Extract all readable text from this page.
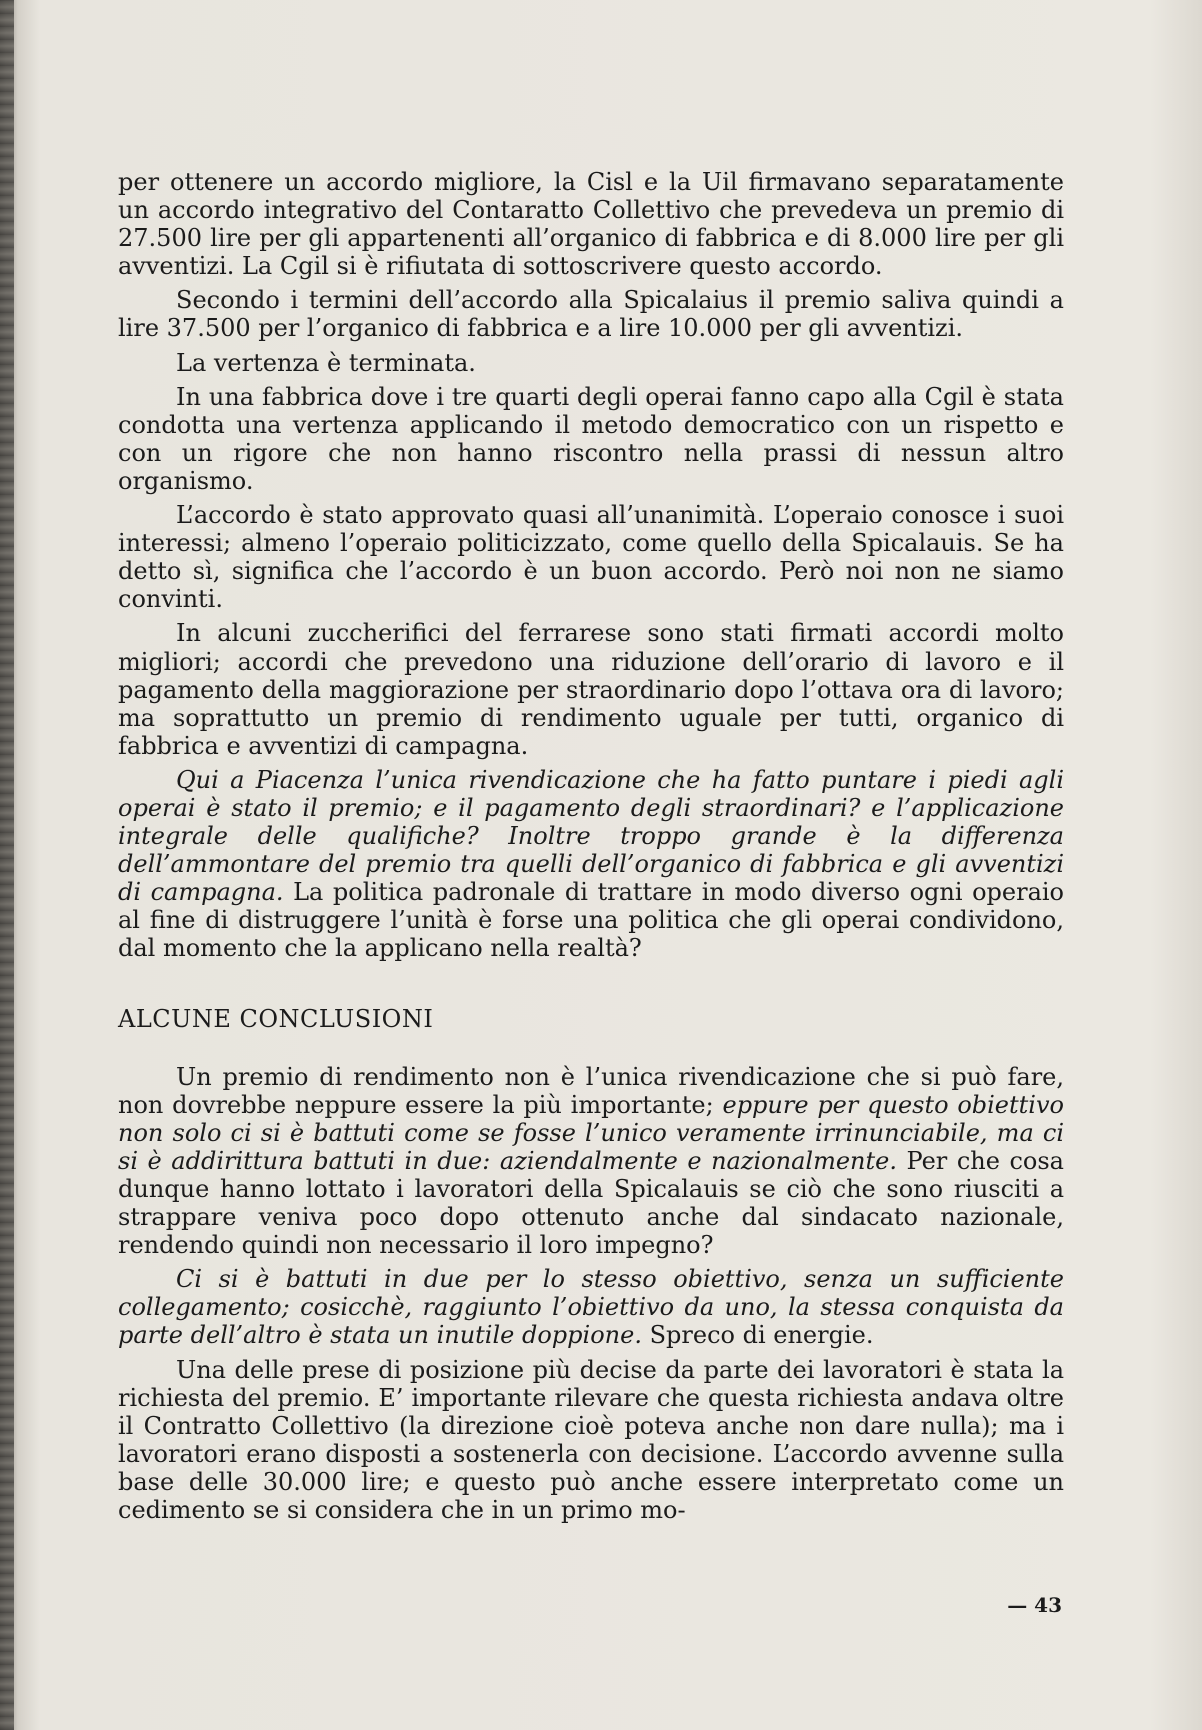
per ottenere un accordo migliore, la Cisl e la Uil firmavano separatamente un accordo integrativo del Contaratto Collettivo che prevedeva un premio di 27.500 lire per gli appartenenti all’organico di fabbrica e di 8.000 lire per gli avventizi. La Cgil si è rifiutata di sottoscrivere questo accordo.

Secondo i termini dell’accordo alla Spicalaius il premio saliva quindi a lire 37.500 per l’organico di fabbrica e a lire 10.000 per gli avventizi.

La vertenza è terminata.

In una fabbrica dove i tre quarti degli operai fanno capo alla Cgil è stata condotta una vertenza applicando il metodo democratico con un rispetto e con un rigore che non hanno riscontro nella prassi di nessun altro organismo.

L’accordo è stato approvato quasi all’unanimità. L’operaio conosce i suoi interessi; almeno l’operaio politicizzato, come quello della Spicalauis. Se ha detto sì, significa che l’accordo è un buon accordo. Però noi non ne siamo convinti.

In alcuni zuccherifici del ferrarese sono stati firmati accordi molto migliori; accordi che prevedono una riduzione dell’orario di lavoro e il pagamento della maggiorazione per straordinario dopo l’ottava ora di lavoro; ma soprattutto un premio di rendimento uguale per tutti, organico di fabbrica e avventizi di campagna.

Qui a Piacenza l’unica rivendicazione che ha fatto puntare i piedi agli operai è stato il premio; e il pagamento degli straordinari? e l’applicazione integrale delle qualifiche? Inoltre troppo grande è la differenza dell’ammontare del premio tra quelli dell’organico di fabbrica e gli avventizi di campagna. La politica padronale di trattare in modo diverso ogni operaio al fine di distruggere l’unità è forse una politica che gli operai condividono, dal momento che la applicano nella realtà?

ALCUNE CONCLUSIONI

Un premio di rendimento non è l’unica rivendicazione che si può fare, non dovrebbe neppure essere la più importante; eppure per questo obiettivo non solo ci si è battuti come se fosse l’unico veramente irrinunciabile, ma ci si è addirittura battuti in due: aziendalmente e nazionalmente. Per che cosa dunque hanno lottato i lavoratori della Spicalauis se ciò che sono riusciti a strappare veniva poco dopo ottenuto anche dal sindacato nazionale, rendendo quindi non necessario il loro impegno?

Ci si è battuti in due per lo stesso obiettivo, senza un sufficiente collegamento; cosicchè, raggiunto l’obiettivo da uno, la stessa conquista da parte dell’altro è stata un inutile doppione. Spreco di energie.

Una delle prese di posizione più decise da parte dei lavoratori è stata la richiesta del premio. E’ importante rilevare che questa richiesta andava oltre il Contratto Collettivo (la direzione cioè poteva anche non dare nulla); ma i lavoratori erano disposti a sostenerla con decisione. L’accordo avvenne sulla base delle 30.000 lire; e questo può anche essere interpretato come un cedimento se si considera che in un primo mo-

— 43
